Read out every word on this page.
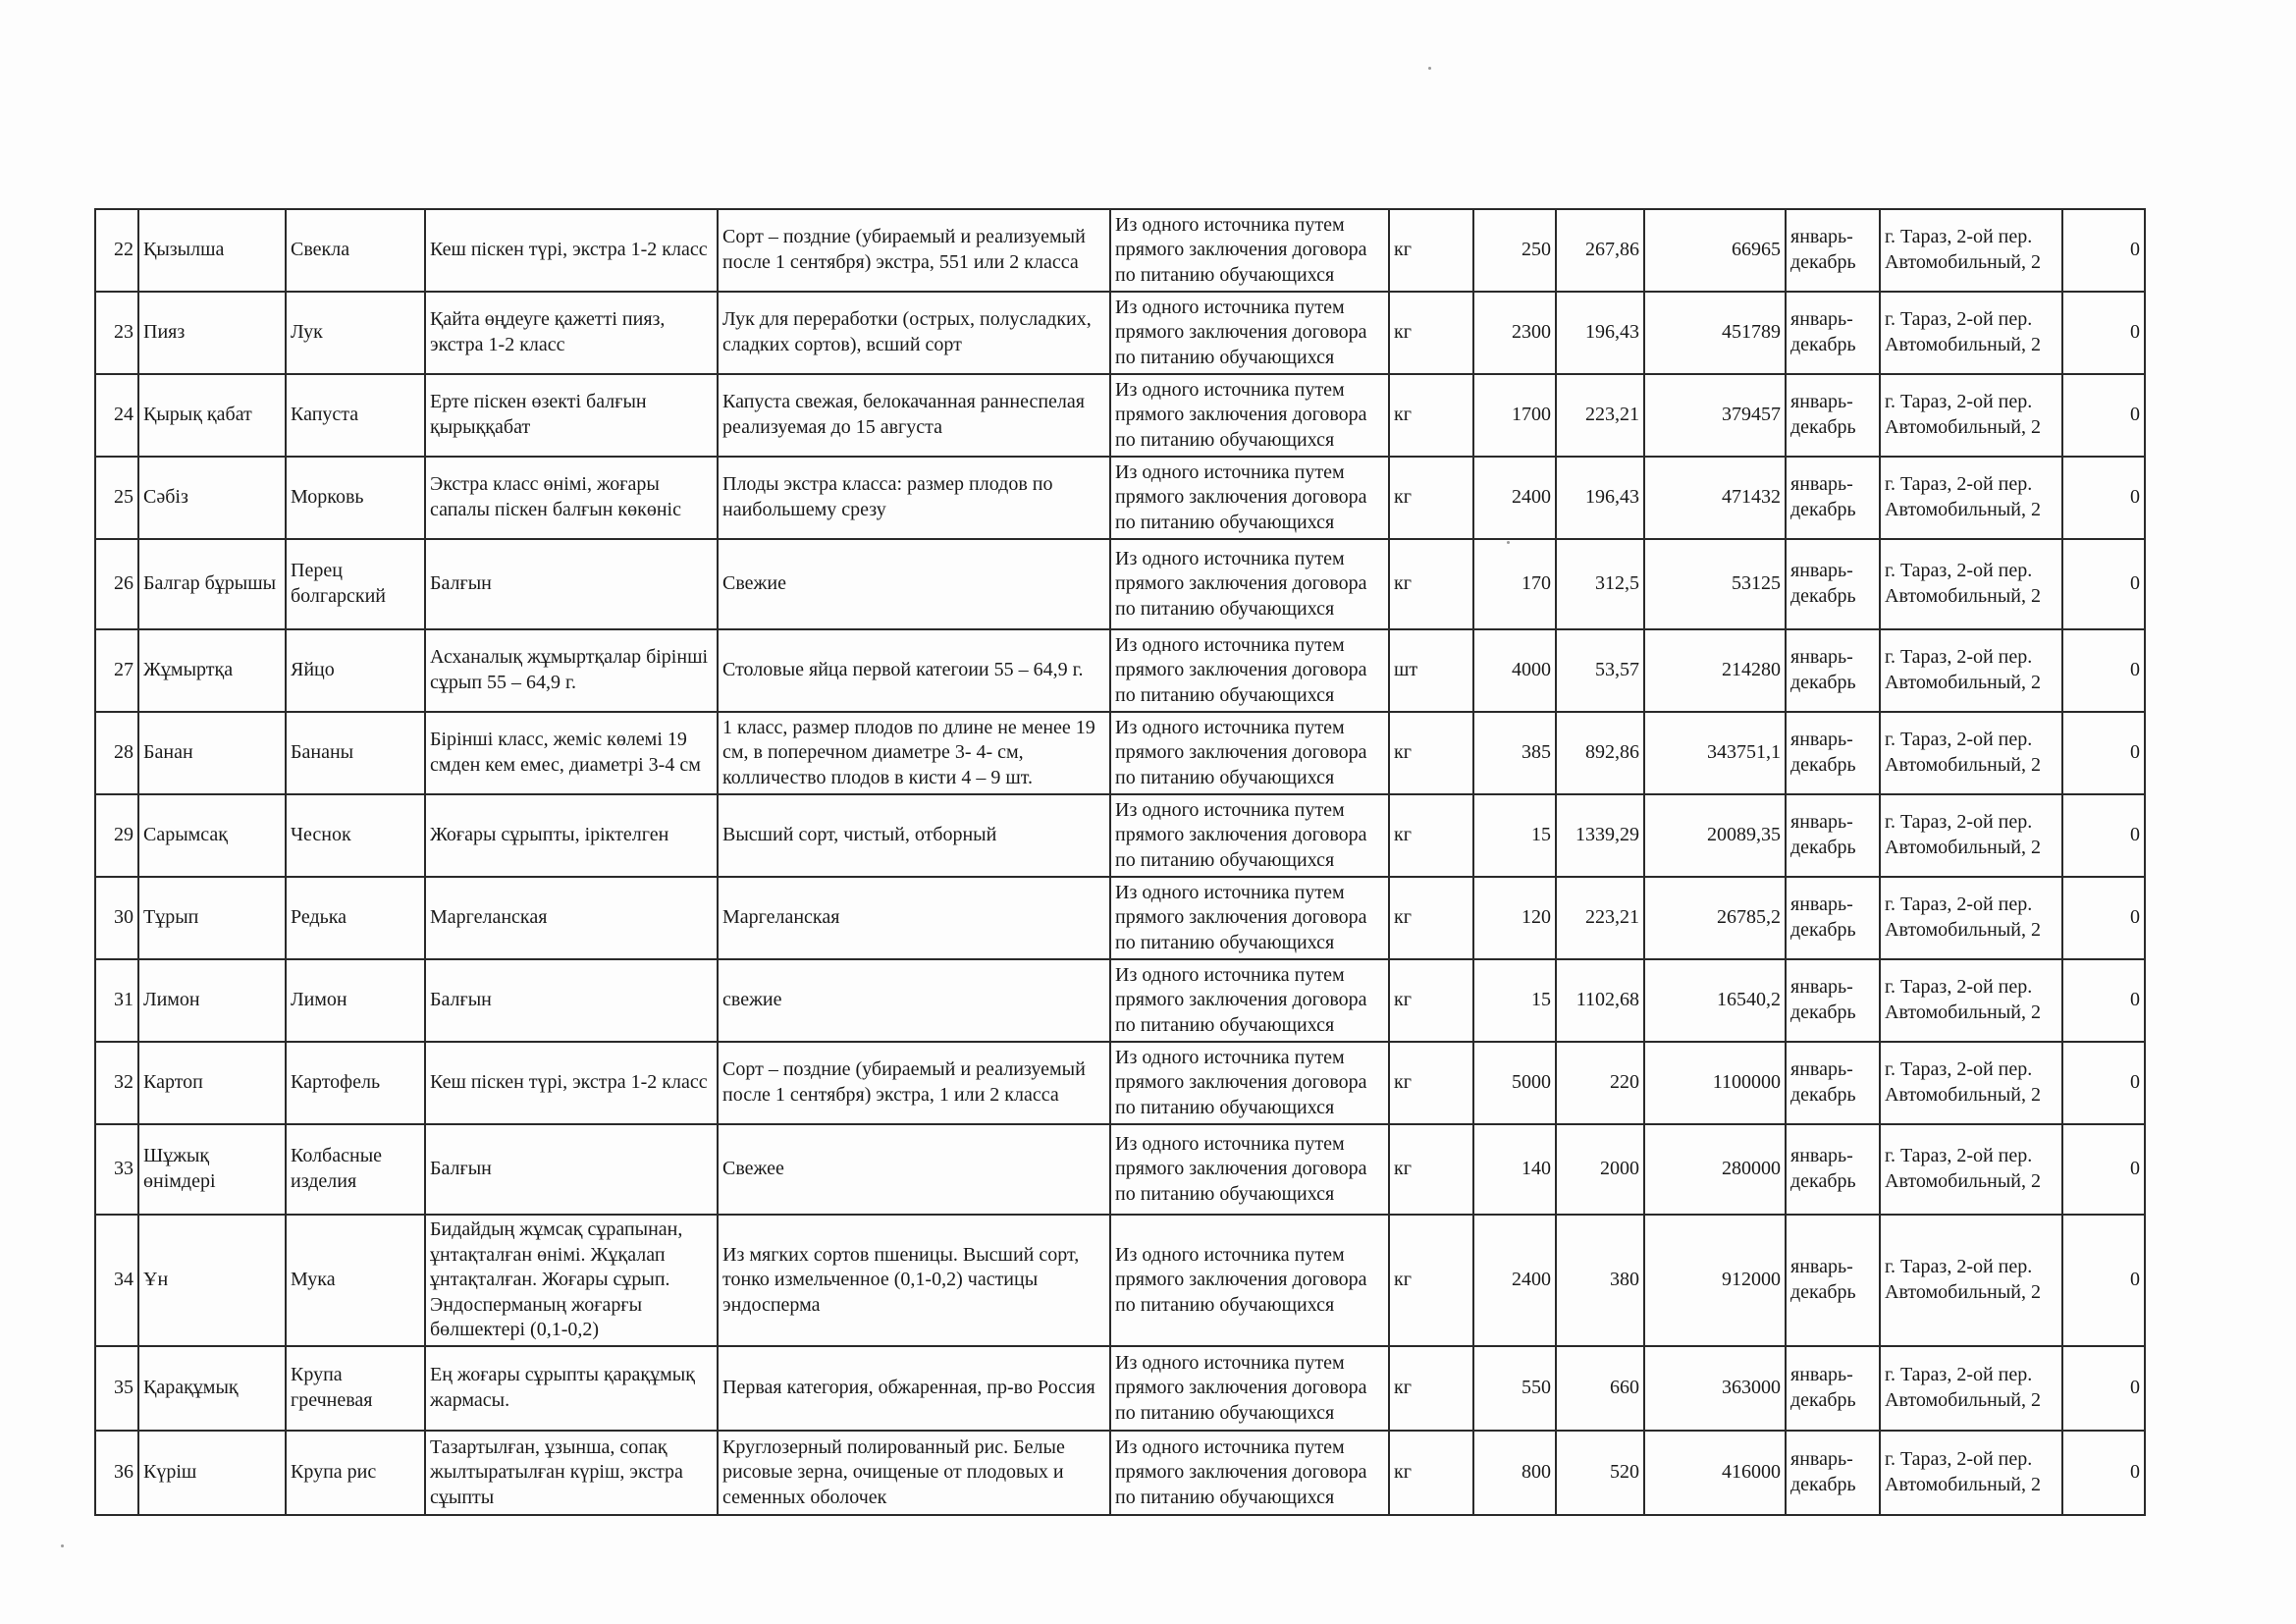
22	Қызылша	Свекла	Кеш піскен түрі, экстра 1-2 класс	Сорт – поздние (убираемый и реализуемый после 1 сентября) экстра, 551 или 2 класса	Из одного источника путем прямого заключения договора по питанию обучающихся	кг	250	267,86	66965	январь-декабрь	г. Тараз, 2-ой пер. Автомобильный, 2	0
23	Пияз	Лук	Қайта өңдеуге қажетті пияз, экстра 1-2 класс	Лук для переработки (острых, полусладких, сладких сортов), всший сорт	Из одного источника путем прямого заключения договора по питанию обучающихся	кг	2300	196,43	451789	январь-декабрь	г. Тараз, 2-ой пер. Автомобильный, 2	0
24	Қырық қабат	Капуста	Ерте піскен өзекті балғын қырыққабат	Капуста свежая, белокачанная раннеспелая реализуемая до 15 августа	Из одного источника путем прямого заключения договора по питанию обучающихся	кг	1700	223,21	379457	январь-декабрь	г. Тараз, 2-ой пер. Автомобильный, 2	0
25	Сәбіз	Морковь	Экстра класс өнімі, жоғары сапалы піскен балғын көкөніс	Плоды экстра класса: размер плодов по наибольшему срезу	Из одного источника путем прямого заключения договора по питанию обучающихся	кг	2400	196,43	471432	январь-декабрь	г. Тараз, 2-ой пер. Автомобильный, 2	0
26	Балгар бұрышы	Перец болгарский	Балғын	Свежие	Из одного источника путем прямого заключения договора по питанию обучающихся	кг	170	312,5	53125	январь-декабрь	г. Тараз, 2-ой пер. Автомобильный, 2	0
27	Жұмыртқа	Яйцо	Асханалық жұмыртқалар бірінші сұрып 55 – 64,9 г.	Столовые яйца первой категоии 55 – 64,9 г.	Из одного источника путем прямого заключения договора по питанию обучающихся	шт	4000	53,57	214280	январь-декабрь	г. Тараз, 2-ой пер. Автомобильный, 2	0
28	Банан	Бананы	Бірінші класс, жеміс көлемі 19 смден кем емес, диаметрі 3-4 см	1 класс, размер плодов по длине не менее 19 см, в поперечном диаметре 3- 4- см, колличество плодов в кисти 4 – 9 шт.	Из одного источника путем прямого заключения договора по питанию обучающихся	кг	385	892,86	343751,1	январь-декабрь	г. Тараз, 2-ой пер. Автомобильный, 2	0
29	Сарымсақ	Чеснок	Жоғары сұрыпты, іріктелген	Высший сорт, чистый, отборный	Из одного источника путем прямого заключения договора по питанию обучающихся	кг	15	1339,29	20089,35	январь-декабрь	г. Тараз, 2-ой пер. Автомобильный, 2	0
30	Тұрып	Редька	Маргеланская	Маргеланская	Из одного источника путем прямого заключения договора по питанию обучающихся	кг	120	223,21	26785,2	январь-декабрь	г. Тараз, 2-ой пер. Автомобильный, 2	0
31	Лимон	Лимон	Балғын	свежие	Из одного источника путем прямого заключения договора по питанию обучающихся	кг	15	1102,68	16540,2	январь-декабрь	г. Тараз, 2-ой пер. Автомобильный, 2	0
32	Картоп	Картофель	Кеш піскен түрі, экстра 1-2 класс	Сорт – поздние (убираемый и реализуемый после 1 сентября) экстра, 1 или 2 класса	Из одного источника путем прямого заключения договора по питанию обучающихся	кг	5000	220	1100000	январь-декабрь	г. Тараз, 2-ой пер. Автомобильный, 2	0
33	Шұжық өнімдері	Колбасные изделия	Балғын	Свежее	Из одного источника путем прямого заключения договора по питанию обучающихся	кг	140	2000	280000	январь-декабрь	г. Тараз, 2-ой пер. Автомобильный, 2	0
34	Ұн	Мука	Бидайдың жұмсақ сұрапынан, ұнтақталған өнімі. Жұқалап ұнтақталған. Жоғары сұрып. Эндосперманың жоғарғы бөлшектері (0,1-0,2)	Из мягких сортов пшеницы. Высший сорт, тонко измельченное (0,1-0,2) частицы эндосперма	Из одного источника путем прямого заключения договора по питанию обучающихся	кг	2400	380	912000	январь-декабрь	г. Тараз, 2-ой пер. Автомобильный, 2	0
35	Қарақұмық	Крупа гречневая	Ең жоғары сұрыпты қарақұмық жармасы.	Первая категория, обжаренная, пр-во Россия	Из одного источника путем прямого заключения договора по питанию обучающихся	кг	550	660	363000	январь-декабрь	г. Тараз, 2-ой пер. Автомобильный, 2	0
36	Күріш	Крупа рис	Тазартылған, ұзынша, сопақ жылтыратылған күріш, экстра сұыпты	Круглозерный полированный рис. Белые рисовые зерна, очищеные от плодовых и семенных оболочек	Из одного источника путем прямого заключения договора по питанию обучающихся	кг	800	520	416000	январь-декабрь	г. Тараз, 2-ой пер. Автомобильный, 2	0
